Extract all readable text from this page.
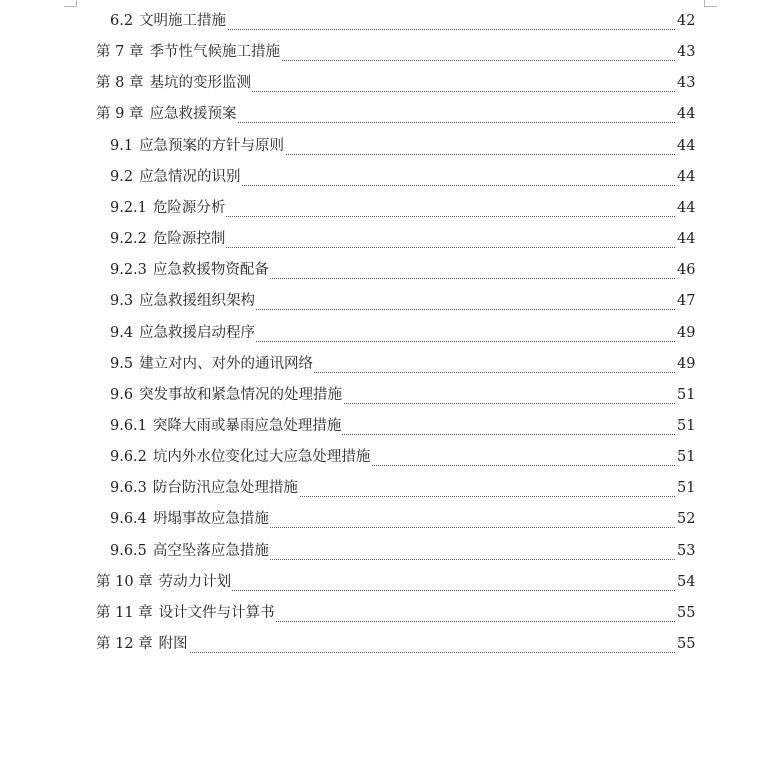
6.2 文明施工措施	42
第 7 章 季节性气候施工措施	43
第 8 章 基坑的变形监测	43
第 9 章 应急救援预案	44
9.1 应急预案的方针与原则	44
9.2 应急情况的识别	44
9.2.1 危险源分析	44
9.2.2 危险源控制	44
9.2.3 应急救援物资配备	46
9.3 应急救援组织架构	47
9.4 应急救援启动程序	49
9.5 建立对内、对外的通讯网络	49
9.6 突发事故和紧急情况的处理措施	51
9.6.1 突降大雨或暴雨应急处理措施	51
9.6.2 坑内外水位变化过大应急处理措施	51
9.6.3 防台防汛应急处理措施	51
9.6.4 坍塌事故应急措施	52
9.6.5 高空坠落应急措施	53
第 10 章 劳动力计划	54
第 11 章 设计文件与计算书	55
第 12 章 附图	55
